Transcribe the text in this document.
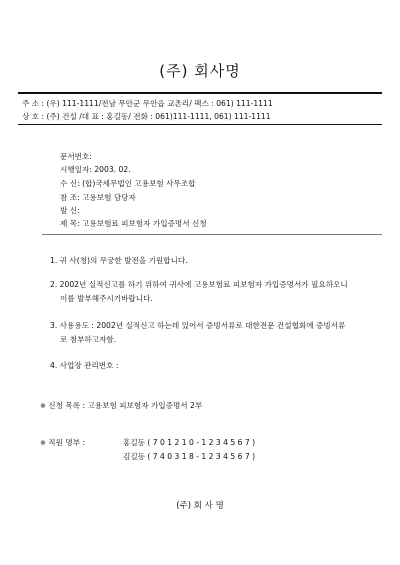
(주) 회사명
주 소 : (우) 111-1111/전남 무안군 무안읍 교촌리/ 팩스 : 061) 111-1111
상 호 : (주) 건설 /대 표 : 홍길동/ 전화 : 061)111-1111, 061) 111-1111
문서번호:
시행일자: 2003. 02.
수 신: (합)국세무법인 고용보험 사무조합
참 조: 고용보험 담당자
발 신:
제 목: 고용보험료 피보험자 가입증명서 신청
1. 귀 사(청)의 무궁한 발전을 기원합니다.
2. 2002년 실적신고를 하기 위하여 귀사에 고용보험료 피보험자 가입증명서가 필요하오니
이를 발부해주시기바랍니다.
3. 사용용도 : 2002년 실적신고 하는데 있어서 증빙서류로 대한전문 건설협회에 증빙서류
로 첨부하고자함.
4. 사업장 관리번호 :
※ 신청 목록 : 고용보험 피보험자 가입증명서 2부
※ 직원 명부 :	홍길동 ( 7 0 1 2 1 0 - 1 2 3 4 5 6 7 )
김길동 ( 7 4 0 3 1 8 - 1 2 3 4 5 6 7 )
(주) 회 사 명
